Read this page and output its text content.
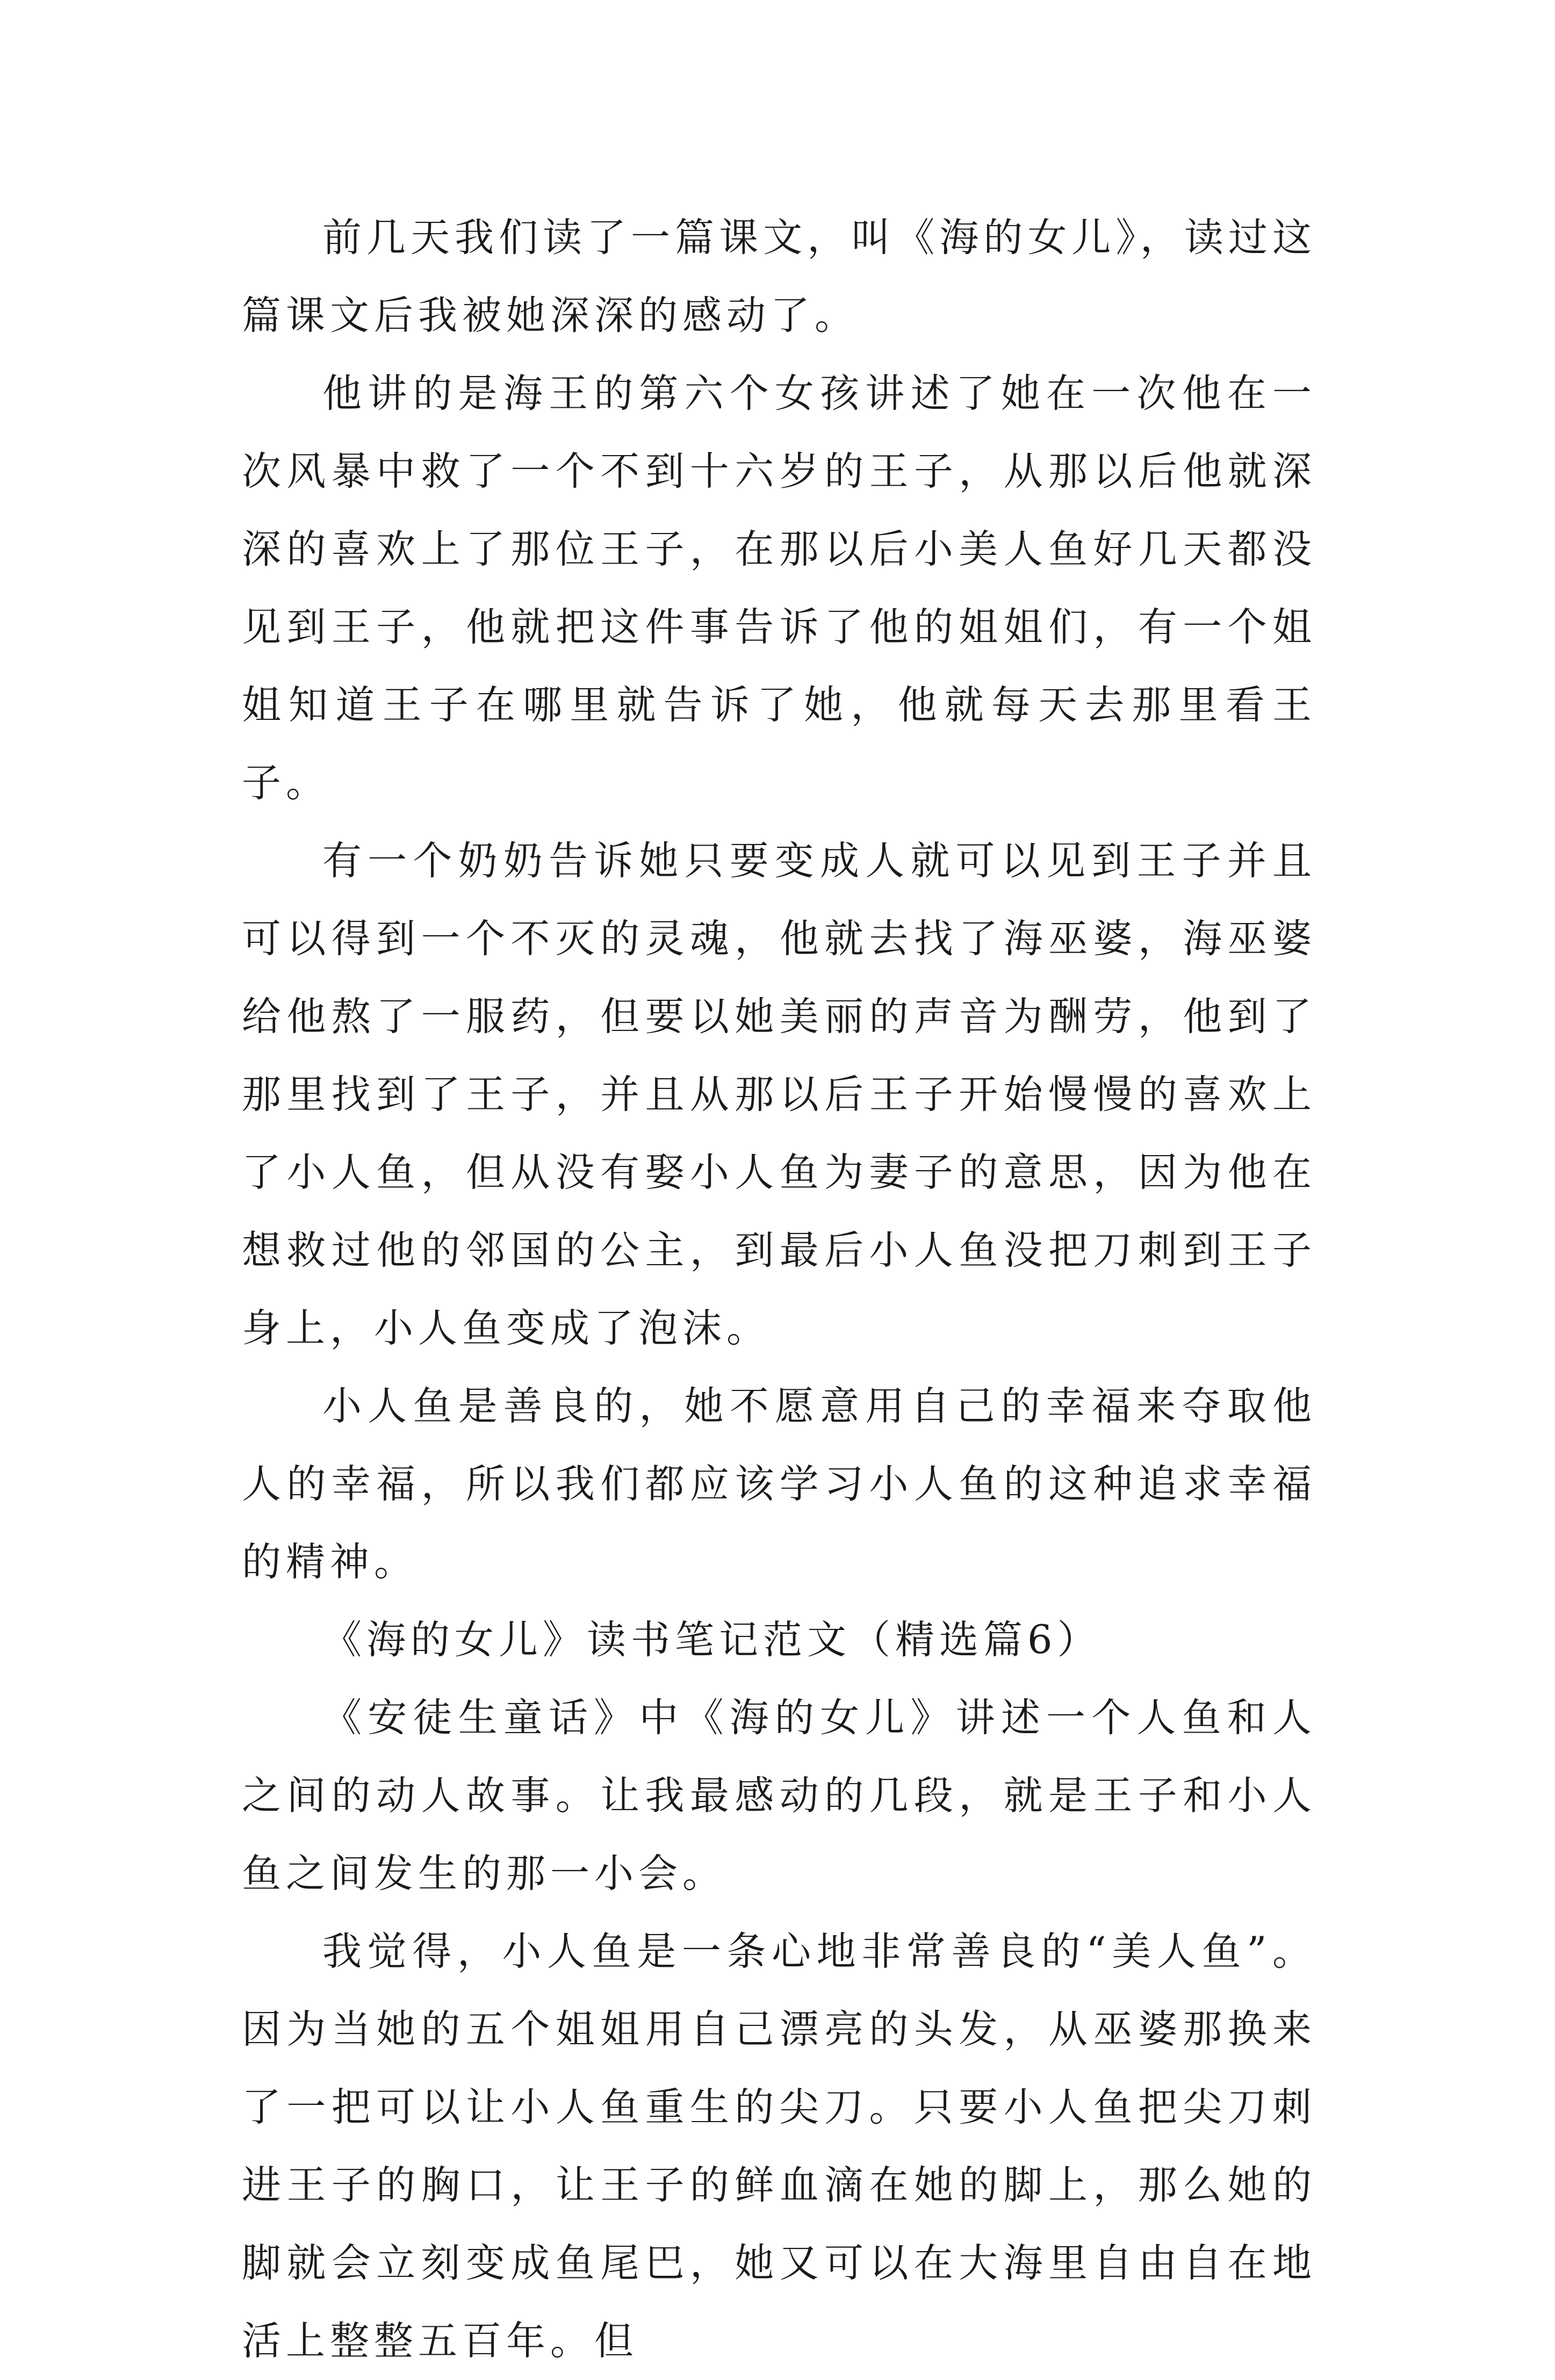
前几天我们读了一篇课文，叫《海的女儿》，读过这篇课文后我被她深深的感动了。

他讲的是海王的第六个女孩讲述了她在一次他在一次风暴中救了一个不到十六岁的王子，从那以后他就深深的喜欢上了那位王子，在那以后小美人鱼好几天都没见到王子，他就把这件事告诉了他的姐姐们，有一个姐姐知道王子在哪里就告诉了她，他就每天去那里看王子。

有一个奶奶告诉她只要变成人就可以见到王子并且可以得到一个不灭的灵魂，他就去找了海巫婆，海巫婆给他熬了一服药，但要以她美丽的声音为酬劳，他到了那里找到了王子，并且从那以后王子开始慢慢的喜欢上了小人鱼，但从没有娶小人鱼为妻子的意思，因为他在想救过他的邻国的公主，到最后小人鱼没把刀刺到王子身上，小人鱼变成了泡沫。

小人鱼是善良的，她不愿意用自己的幸福来夺取他人的幸福，所以我们都应该学习小人鱼的这种追求幸福的精神。

《海的女儿》读书笔记范文（精选篇6）

《安徒生童话》中《海的女儿》讲述一个人鱼和人之间的动人故事。让我最感动的几段，就是王子和小人鱼之间发生的那一小会。

我觉得，小人鱼是一条心地非常善良的“美人鱼”。因为当她的五个姐姐用自己漂亮的头发，从巫婆那换来了一把可以让小人鱼重生的尖刀。只要小人鱼把尖刀刺进王子的胸口，让王子的鲜血滴在她的脚上，那么她的脚就会立刻变成鱼尾巴，她又可以在大海里自由自在地活上整整五百年。但
